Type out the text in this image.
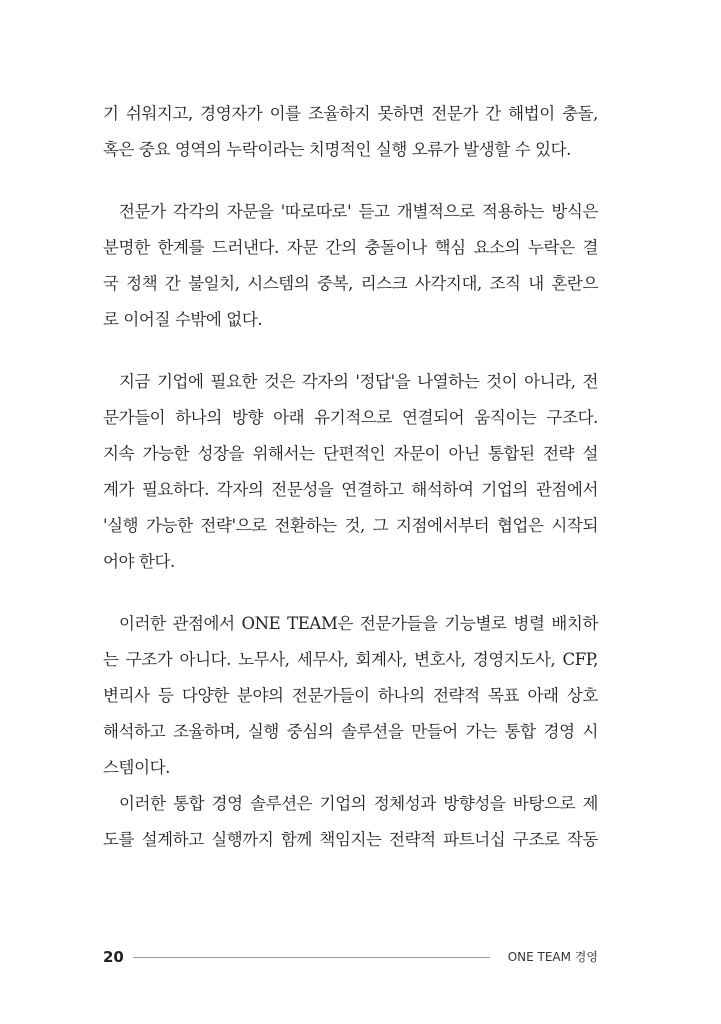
기 쉬워지고, 경영자가 이를 조율하지 못하면 전문가 간 해법이 충돌,
혹은 중요 영역의 누락이라는 치명적인 실행 오류가 발생할 수 있다.
전문가 각각의 자문을 '따로따로' 듣고 개별적으로 적용하는 방식은
분명한 한계를 드러낸다. 자문 간의 충돌이나 핵심 요소의 누락은 결
국 정책 간 불일치, 시스템의 중복, 리스크 사각지대, 조직 내 혼란으
로 이어질 수밖에 없다.
지금 기업에 필요한 것은 각자의 '정답'을 나열하는 것이 아니라, 전
문가들이 하나의 방향 아래 유기적으로 연결되어 움직이는 구조다.
지속 가능한 성장을 위해서는 단편적인 자문이 아닌 통합된 전략 설
계가 필요하다. 각자의 전문성을 연결하고 해석하여 기업의 관점에서
'실행 가능한 전략'으로 전환하는 것, 그 지점에서부터 협업은 시작되
어야 한다.
이러한 관점에서 ONE TEAM은 전문가들을 기능별로 병렬 배치하
는 구조가 아니다. 노무사, 세무사, 회계사, 변호사, 경영지도사, CFP,
변리사 등 다양한 분야의 전문가들이 하나의 전략적 목표 아래 상호
해석하고 조율하며, 실행 중심의 솔루션을 만들어 가는 통합 경영 시
스템이다.
이러한 통합 경영 솔루션은 기업의 정체성과 방향성을 바탕으로 제
도를 설계하고 실행까지 함께 책임지는 전략적 파트너십 구조로 작동
20	ONE TEAM 경영
